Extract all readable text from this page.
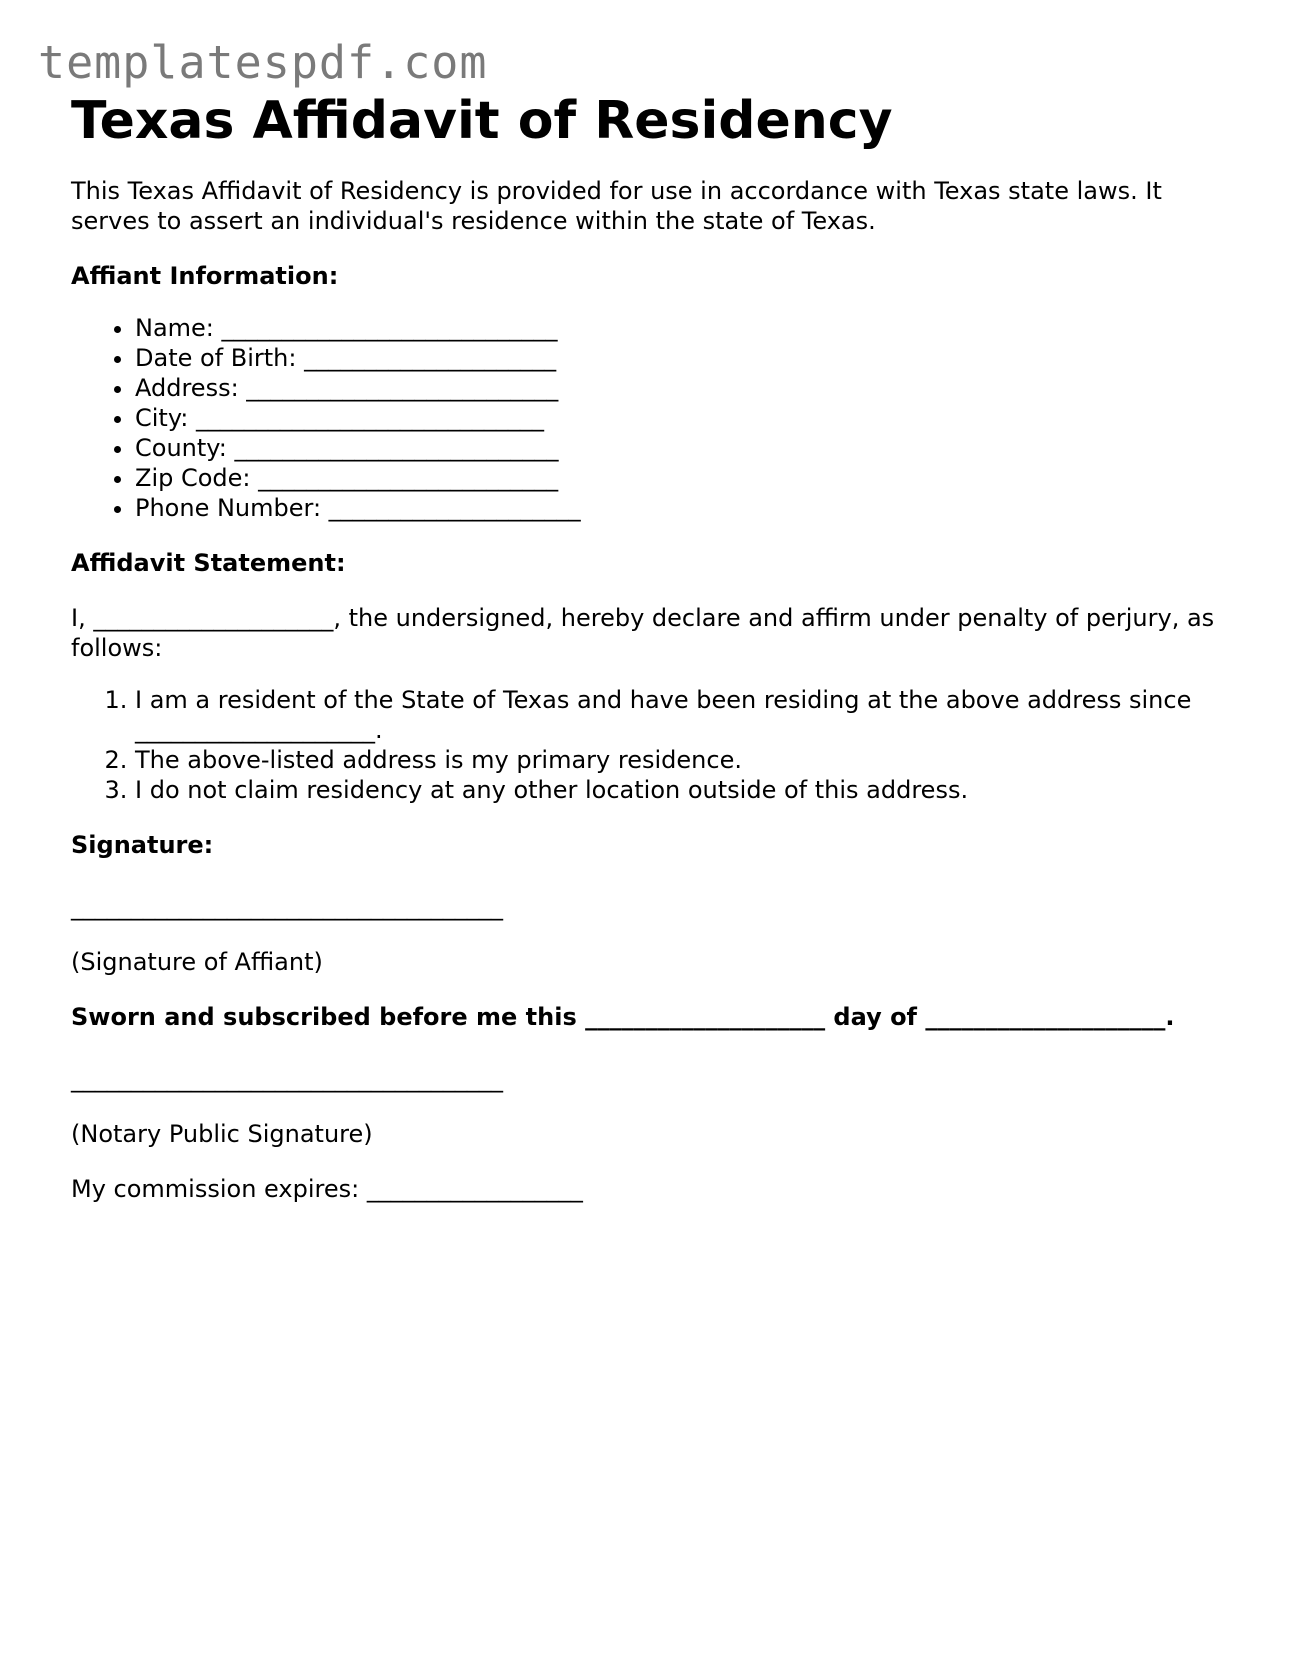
templatespdf.com
Texas Affidavit of Residency

This Texas Affidavit of Residency is provided for use in accordance with Texas state laws. It serves to assert an individual's residence within the state of Texas.

Affiant Information:

• Name: ____________________________
• Date of Birth: _____________________
• Address: __________________________
• City: _____________________________
• County: ___________________________
• Zip Code: _________________________
• Phone Number: _____________________

Affidavit Statement:

I, ____________________, the undersigned, hereby declare and affirm under penalty of perjury, as follows:

1. I am a resident of the State of Texas and have been residing at the above address since ____________________.
2. The above-listed address is my primary residence.
3. I do not claim residency at any other location outside of this address.

Signature:

____________________________________

(Signature of Affiant)

Sworn and subscribed before me this ____________________ day of ____________________.

____________________________________

(Notary Public Signature)

My commission expires: __________________
